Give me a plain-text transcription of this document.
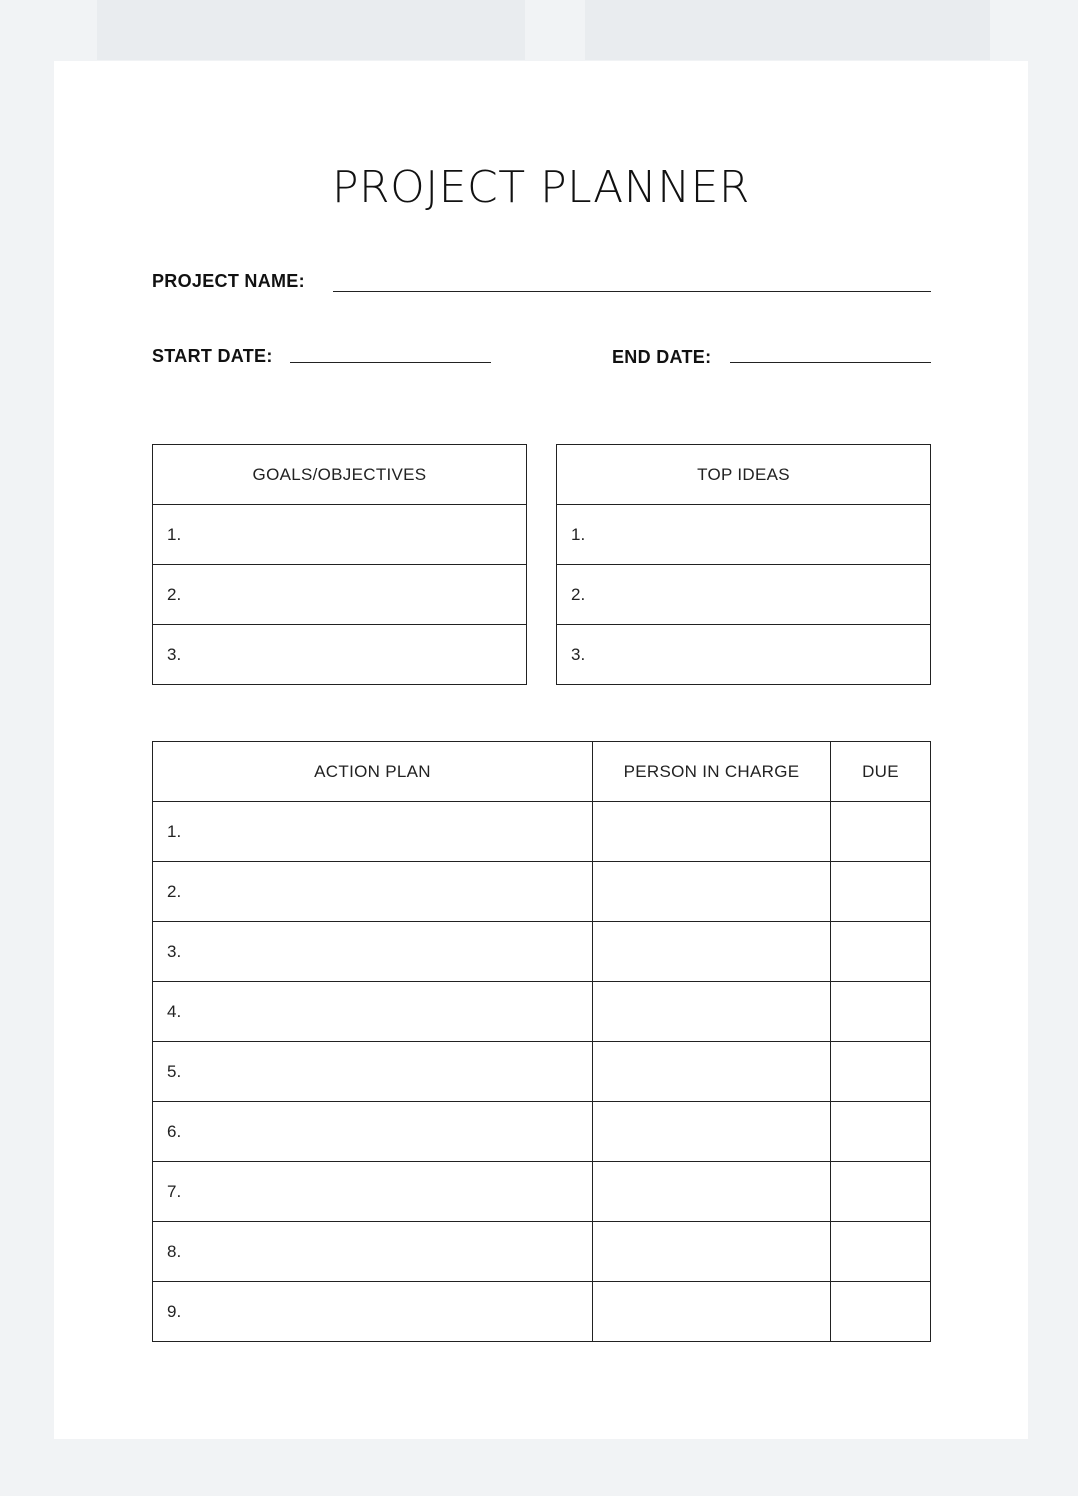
PROJECT PLANNER
PROJECT NAME:
START DATE:	END DATE:
GOALS/OBJECTIVES
1.
2.
3.
TOP IDEAS
1.
2.
3.
ACTION PLAN	PERSON IN CHARGE	DUE
1.		
2.		
3.		
4.		
5.		
6.		
7.		
8.		
9.		
